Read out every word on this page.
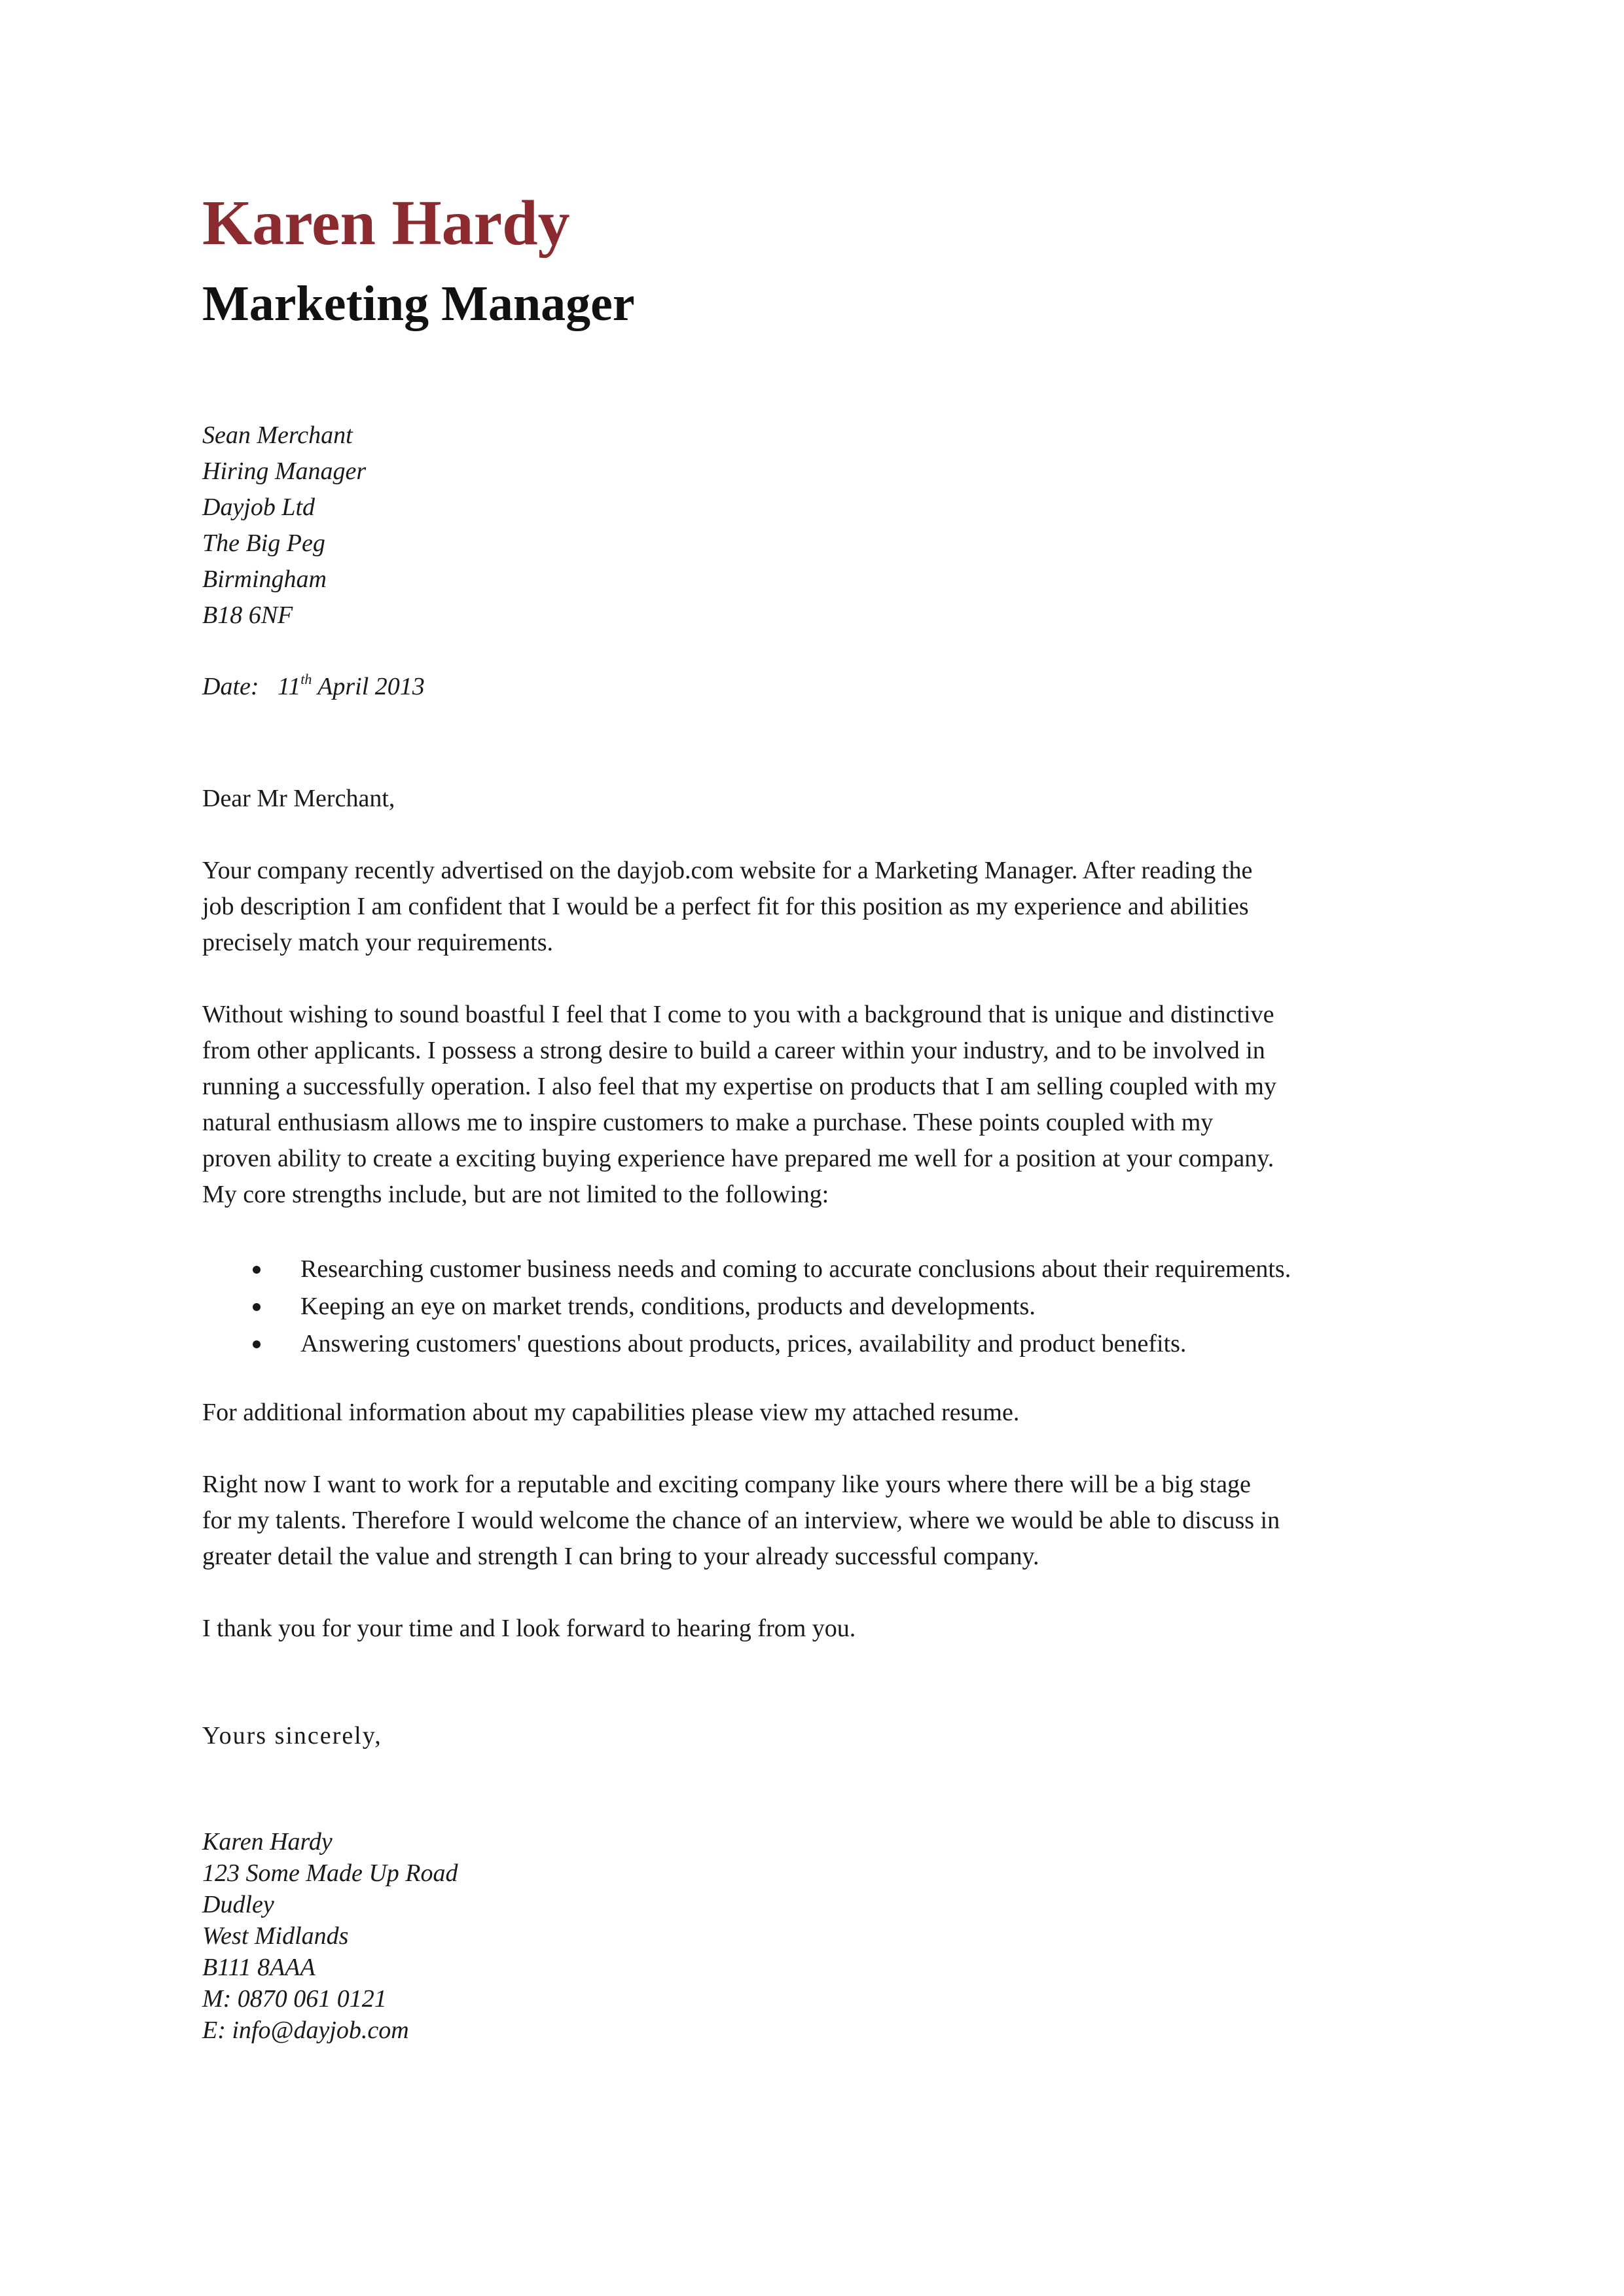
Karen Hardy
Marketing Manager
Sean Merchant
Hiring Manager
Dayjob Ltd
The Big Peg
Birmingham
B18 6NF
Date: 11th April 2013
Dear Mr Merchant,
Your company recently advertised on the dayjob.com website for a Marketing Manager. After reading the
job description I am confident that I would be a perfect fit for this position as my experience and abilities
precisely match your requirements.
Without wishing to sound boastful I feel that I come to you with a background that is unique and distinctive
from other applicants. I possess a strong desire to build a career within your industry, and to be involved in
running a successfully operation. I also feel that my expertise on products that I am selling coupled with my
natural enthusiasm allows me to inspire customers to make a purchase. These points coupled with my
proven ability to create a exciting buying experience have prepared me well for a position at your company.
My core strengths include, but are not limited to the following:
Researching customer business needs and coming to accurate conclusions about their requirements.
Keeping an eye on market trends, conditions, products and developments.
Answering customers' questions about products, prices, availability and product benefits.
For additional information about my capabilities please view my attached resume.
Right now I want to work for a reputable and exciting company like yours where there will be a big stage
for my talents. Therefore I would welcome the chance of an interview, where we would be able to discuss in
greater detail the value and strength I can bring to your already successful company.
I thank you for your time and I look forward to hearing from you.
Yours sincerely,
Karen Hardy
123 Some Made Up Road
Dudley
West Midlands
B111 8AAA
M: 0870 061 0121
E: info@dayjob.com
